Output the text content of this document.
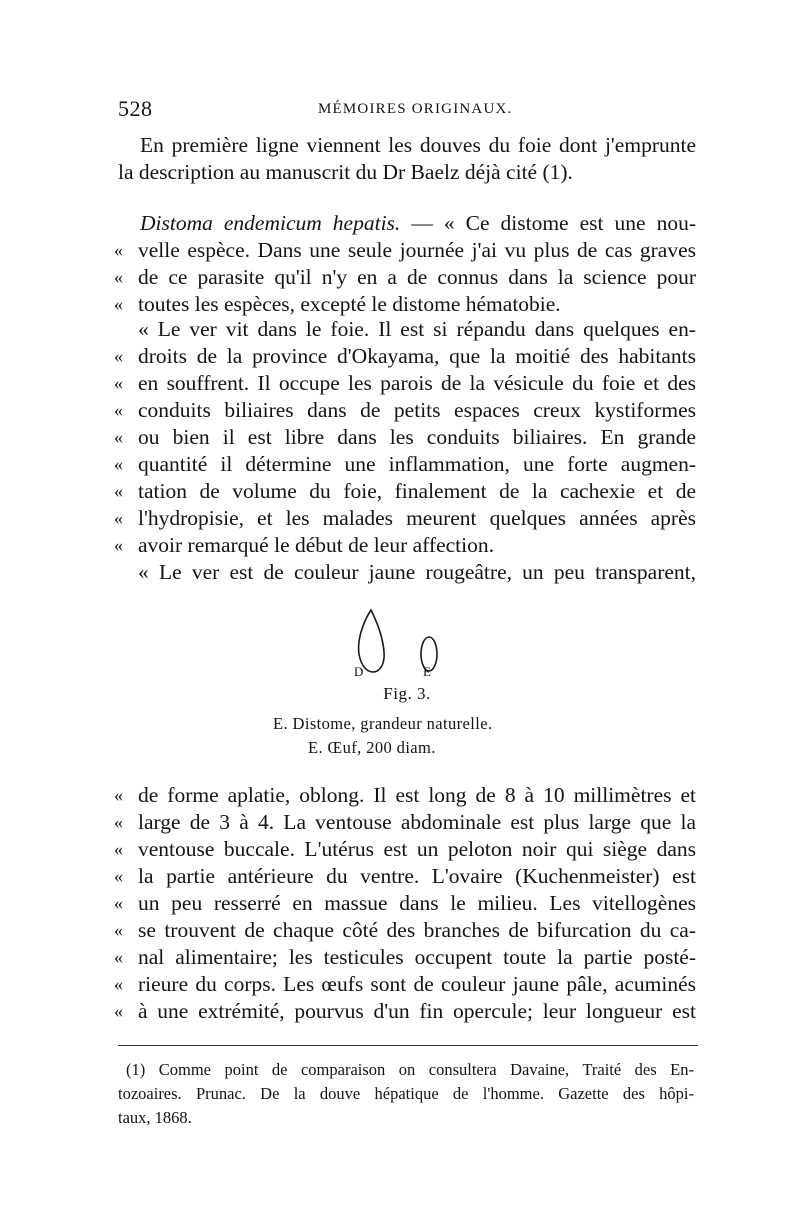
528	MÉMOIRES ORIGINAUX.
En première ligne viennent les douves du foie dont j'emprunte
la description au manuscrit du Dr Baelz déjà cité (1).
Distoma endemicum hepatis. — « Ce distome est une nou-
« velle espèce. Dans une seule journée j'ai vu plus de cas graves
« de ce parasite qu'il n'y en a de connus dans la science pour
« toutes les espèces, excepté le distome hématobie.
« Le ver vit dans le foie. Il est si répandu dans quelques en-
« droits de la province d'Okayama, que la moitié des habitants
« en souffrent. Il occupe les parois de la vésicule du foie et des
« conduits biliaires dans de petits espaces creux kystiformes
« ou bien il est libre dans les conduits biliaires. En grande
« quantité il détermine une inflammation, une forte augmen-
« tation de volume du foie, finalement de la cachexie et de
« l'hydropisie, et les malades meurent quelques années après
« avoir remarqué le début de leur affection.
« Le ver est de couleur jaune rougeâtre, un peu transparent,
D	E
Fig. 3.
E. Distome, grandeur naturelle.
E. Œuf, 200 diam.
« de forme aplatie, oblong. Il est long de 8 à 10 millimètres et
« large de 3 à 4. La ventouse abdominale est plus large que la
« ventouse buccale. L'utérus est un peloton noir qui siège dans
« la partie antérieure du ventre. L'ovaire (Kuchenmeister) est
« un peu resserré en massue dans le milieu. Les vitellogènes
« se trouvent de chaque côté des branches de bifurcation du ca-
« nal alimentaire; les testicules occupent toute la partie posté-
« rieure du corps. Les œufs sont de couleur jaune pâle, acuminés
« à une extrémité, pourvus d'un fin opercule; leur longueur est
(1) Comme point de comparaison on consultera Davaine, Traité des En-
tozoaires. Prunac. De la douve hépatique de l'homme. Gazette des hôpi-
taux, 1868.
